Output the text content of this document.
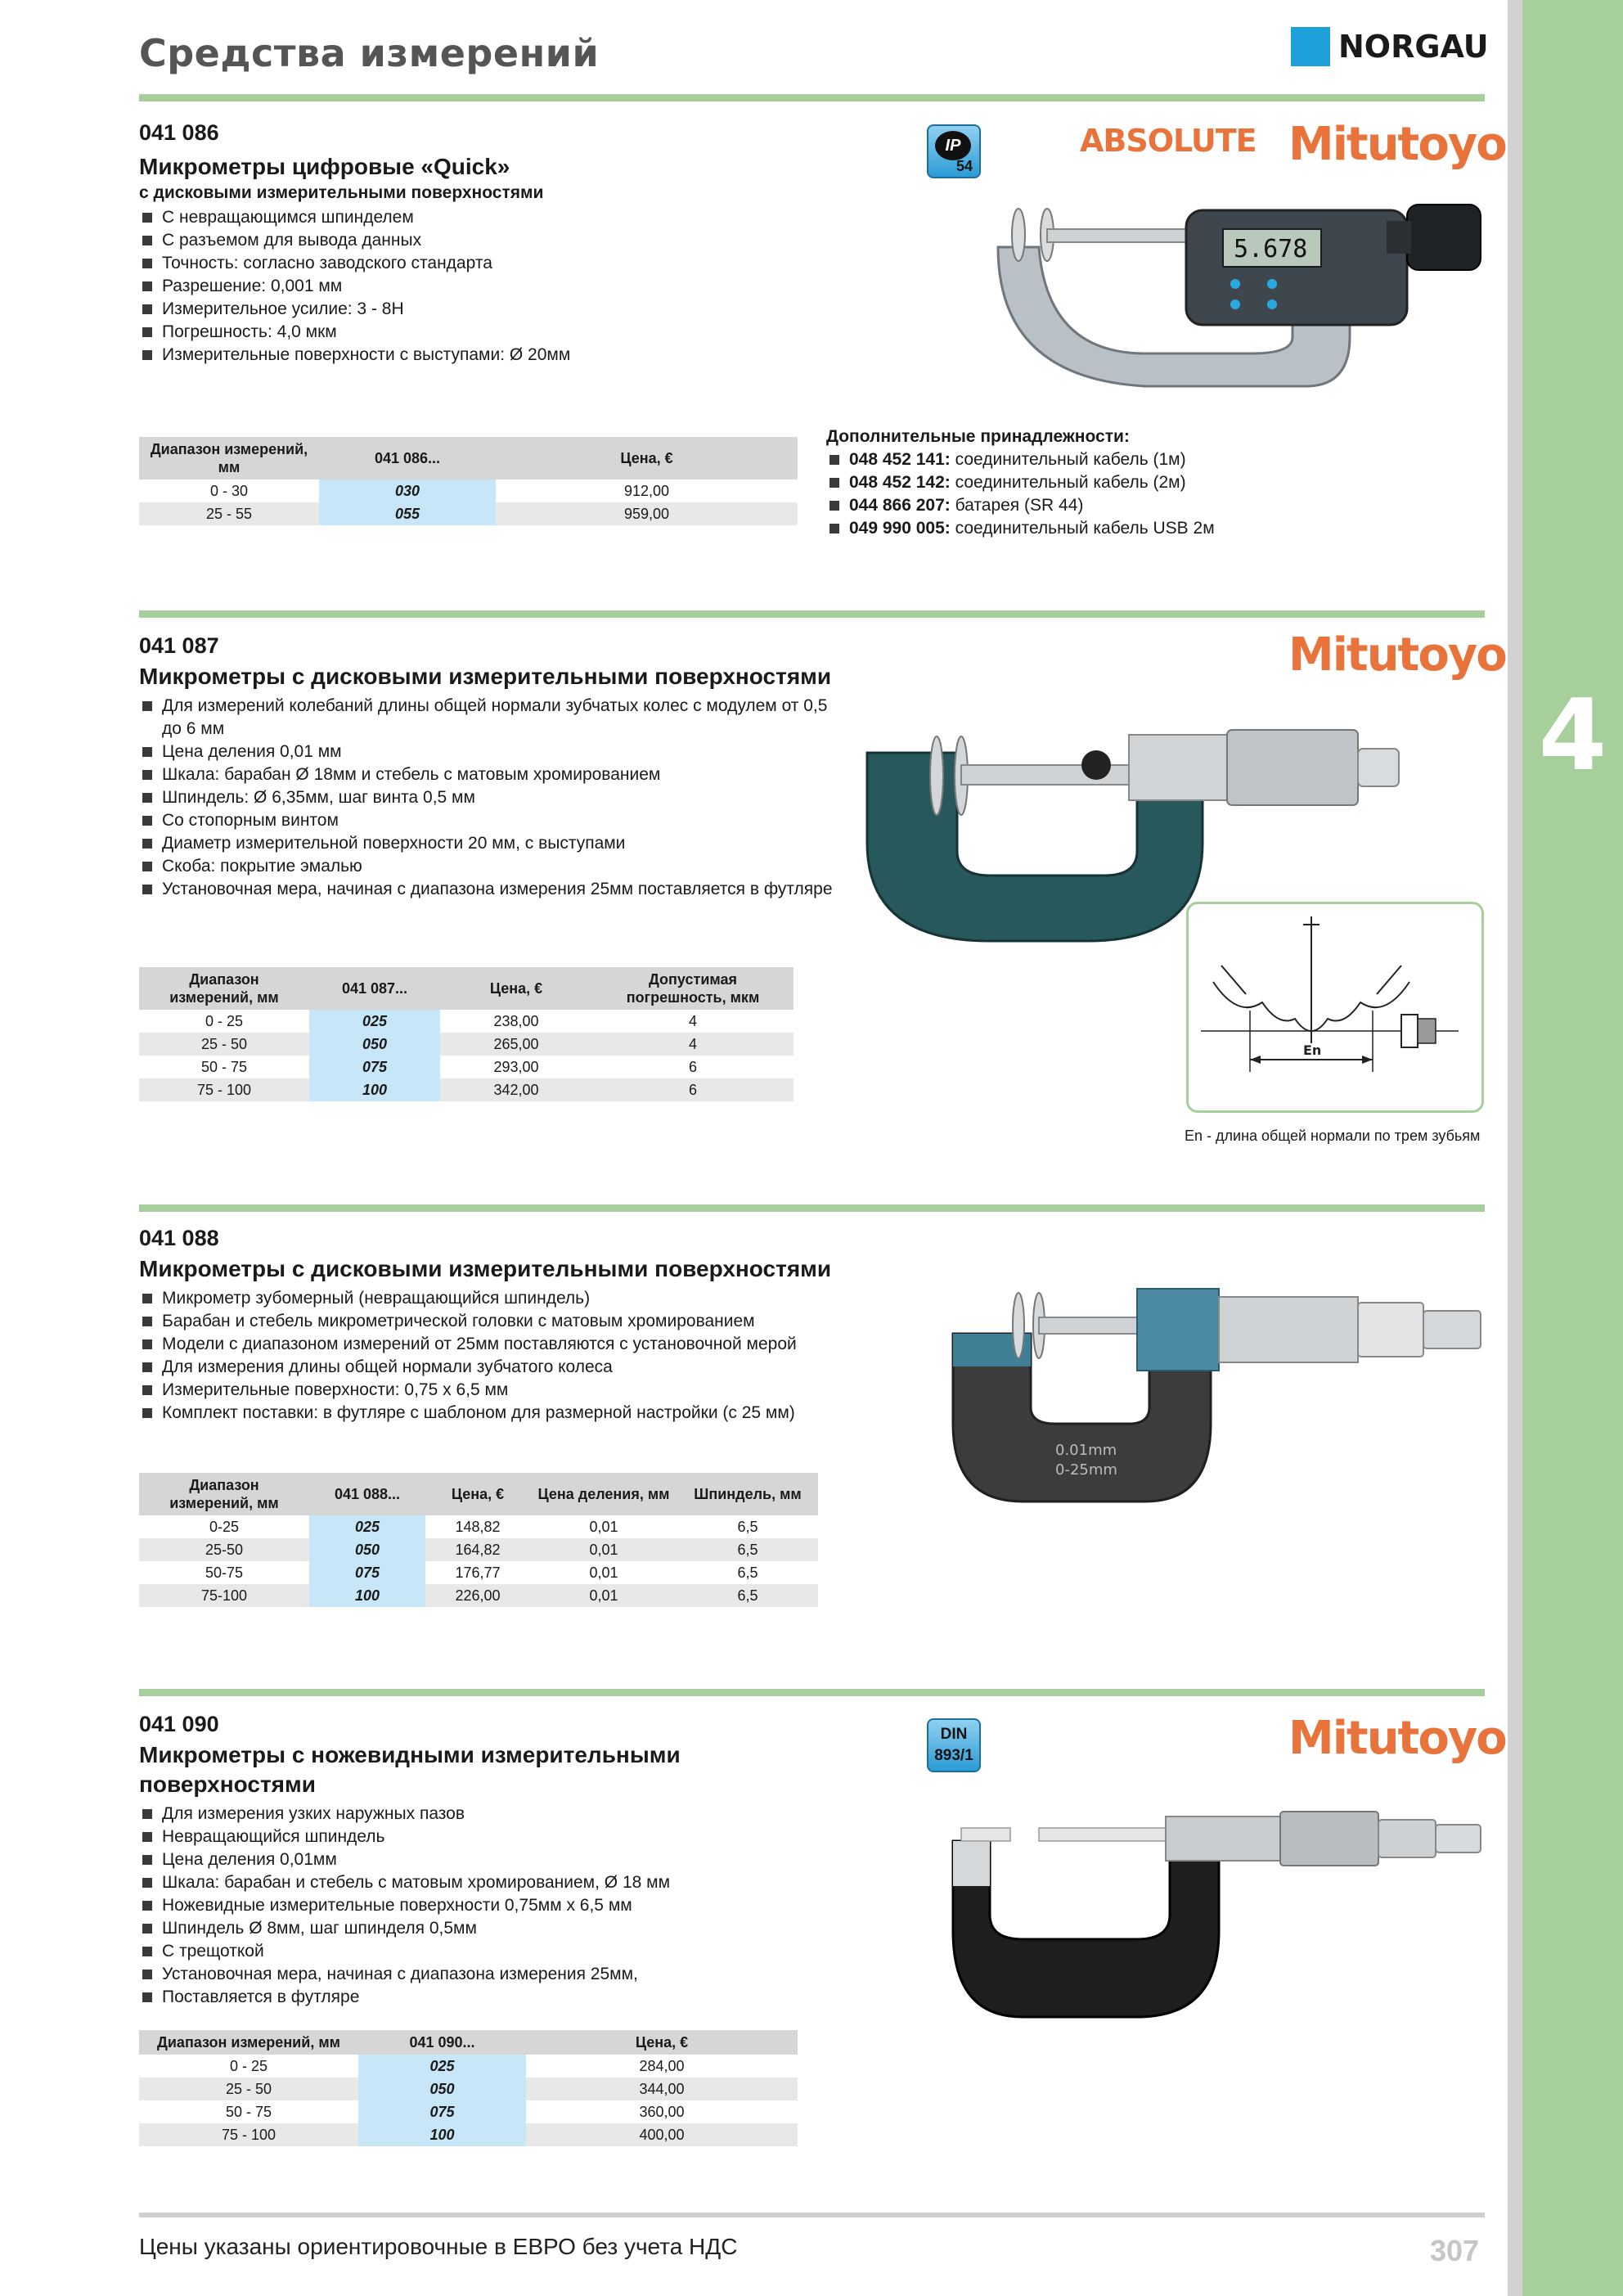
4
Средства измерений	NORGAU
041 086
Микрометры цифровые «Quick»
с дисковыми измерительными поверхностями
С невращающимся шпинделем
С разъемом для вывода данных
Точность: согласно заводского стандарта
Разрешение: 0,001 мм
Измерительное усилие: 3 - 8Н
Погрешность: 4,0 мкм
Измерительные поверхности с выступами: Ø 20мм
IP
54
ABSOLUTE Mitutoyo
5.678
Диапазон измерений, мм	041 086...	Цена, €
0 - 30	030	912,00
25 - 55	055	959,00
Дополнительные принадлежности:
048 452 141: соединительный кабель (1м)
048 452 142: соединительный кабель (2м)
044 866 207: батарея (SR 44)
049 990 005: соединительный кабель USB 2м
041 087
Микрометры с дисковыми измерительными поверхностями
Для измерений колебаний длины общей нормали зубчатых колес с модулем от 0,5 до 6 мм
Цена деления 0,01 мм
Шкала: барабан Ø 18мм и стебель с матовым хромированием
Шпиндель: Ø 6,35мм, шаг винта 0,5 мм
Со стопорным винтом
Диаметр измерительной поверхности 20 мм, с выступами
Скоба: покрытие эмалью
Установочная мера, начиная с диапазона измерения 25мм поставляется в футляре
Mitutoyo
Диапазон измерений, мм	041 087...	Цена, €	Допустимая погрешность, мкм
0 - 25	025	238,00	4
25 - 50	050	265,00	4
50 - 75	075	293,00	6
75 - 100	100	342,00	6
En
En - длина общей нормали по трем зубьям
041 088
Микрометры с дисковыми измерительными поверхностями
Микрометр зубомерный (невращающийся шпиндель)
Барабан и стебель микрометрической головки с матовым хромированием
Модели с диапазоном измерений от 25мм поставляются с установочной мерой
Для измерения длины общей нормали зубчатого колеса
Измерительные поверхности: 0,75 х 6,5 мм
Комплект поставки: в футляре с шаблоном для размерной настройки (с 25 мм)
0.01mm
0-25mm
Диапазон измерений, мм	041 088...	Цена, €	Цена деления, мм	Шпиндель, мм
0-25	025	148,82	0,01	6,5
25-50	050	164,82	0,01	6,5
50-75	075	176,77	0,01	6,5
75-100	100	226,00	0,01	6,5
041 090
Микрометры с ножевидными измерительными поверхностями
Для измерения узких наружных пазов
Невращающийся шпиндель
Цена деления 0,01мм
Шкала: барабан и стебель с матовым хромированием, Ø 18 мм
Ножевидные измерительные поверхности 0,75мм х 6,5 мм
Шпиндель Ø 8мм, шаг шпинделя 0,5мм
С трещоткой
Установочная мера, начиная с диапазона измерения 25мм,
Поставляется в футляре
DIN
893/1	Mitutoyo
Диапазон измерений, мм	041 090...	Цена, €
0 - 25	025	284,00
25 - 50	050	344,00
50 - 75	075	360,00
75 - 100	100	400,00
Цены указаны ориентировочные в ЕВРО без учета НДС	307
